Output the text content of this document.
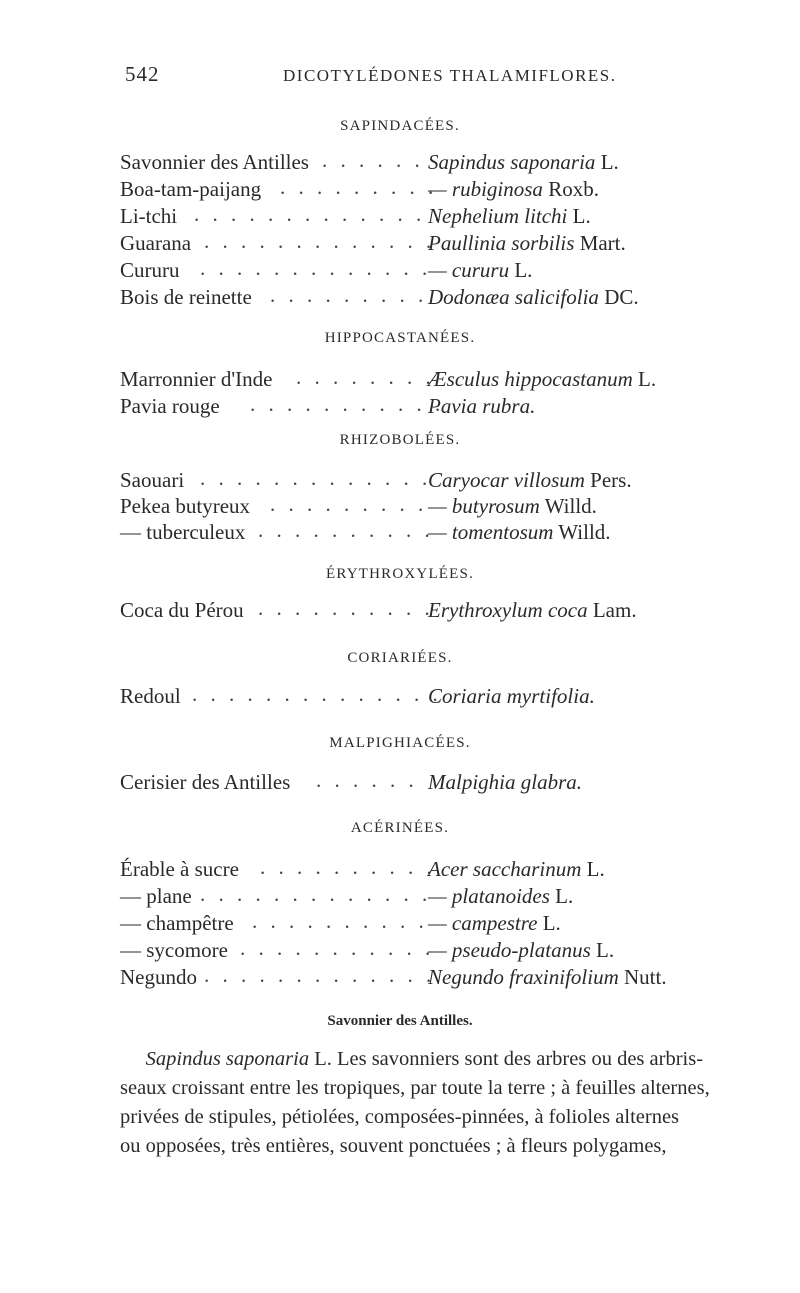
542	DICOTYLÉDONES THALAMIFLORES.
SAPINDACÉES.
Savonnier des Antilles . . . . . . Sapindus saponaria L.
Boa-tam-paijang . . . . . . . . .
— rubiginosa Roxb.
Li-tchi . . . . . . . . . . . . . .
Nephelium litchi L.
Guarana . . . . . . . . . . . . .
Paullinia sorbilis Mart.
Cururu . . . . . . . . . . . . .
— cururu L.
Bois de reinette . . . . . . . . . Dodonæa salicifolia DC.
HIPPOCASTANÉES.
Marronnier d'Inde . . . . . . . .
Æsculus hippocastanum L.
Pavia rouge . . . . . . . . . . .
Pavia rubra.
RHIZOBOLÉES.
Saouari . . . . . . . . . . . . .
Caryocar villosum Pers.
Pekea butyreux . . . . . . . . . — butyrosum Willd.
— tuberculeux . . . . . . . . . .
— tomentosum Willd.
ÉRYTHROXYLÉES.
Coca du Pérou . . . . . . . . . .
Erythroxylum coca Lam.
CORIARIÉES.
Redoul . . . . . . . . . . . . . .
Coriaria myrtifolia.
MALPIGHIACÉES.
Cerisier des Antilles . . . . . . Malpighia glabra.
ACÉRINÉES.
Érable à sucre . . . . . . . . . .
Acer saccharinum L.
— plane . . . . . . . . . . . . .
— platanoides L.
— champêtre . . . . . . . . . . — campestre L.
— sycomore . . . . . . . . . . .
— pseudo-platanus L.
Negundo . . . . . . . . . . . . .
Negundo fraxinifolium Nutt.
Savonnier des Antilles.
Sapindus saponaria L. Les savonniers sont des arbres ou des arbris-
seaux croissant entre les tropiques, par toute la terre ; à feuilles alternes,
privées de stipules, pétiolées, composées-pinnées, à folioles alternes
ou opposées, très entières, souvent ponctuées ; à fleurs polygames,
